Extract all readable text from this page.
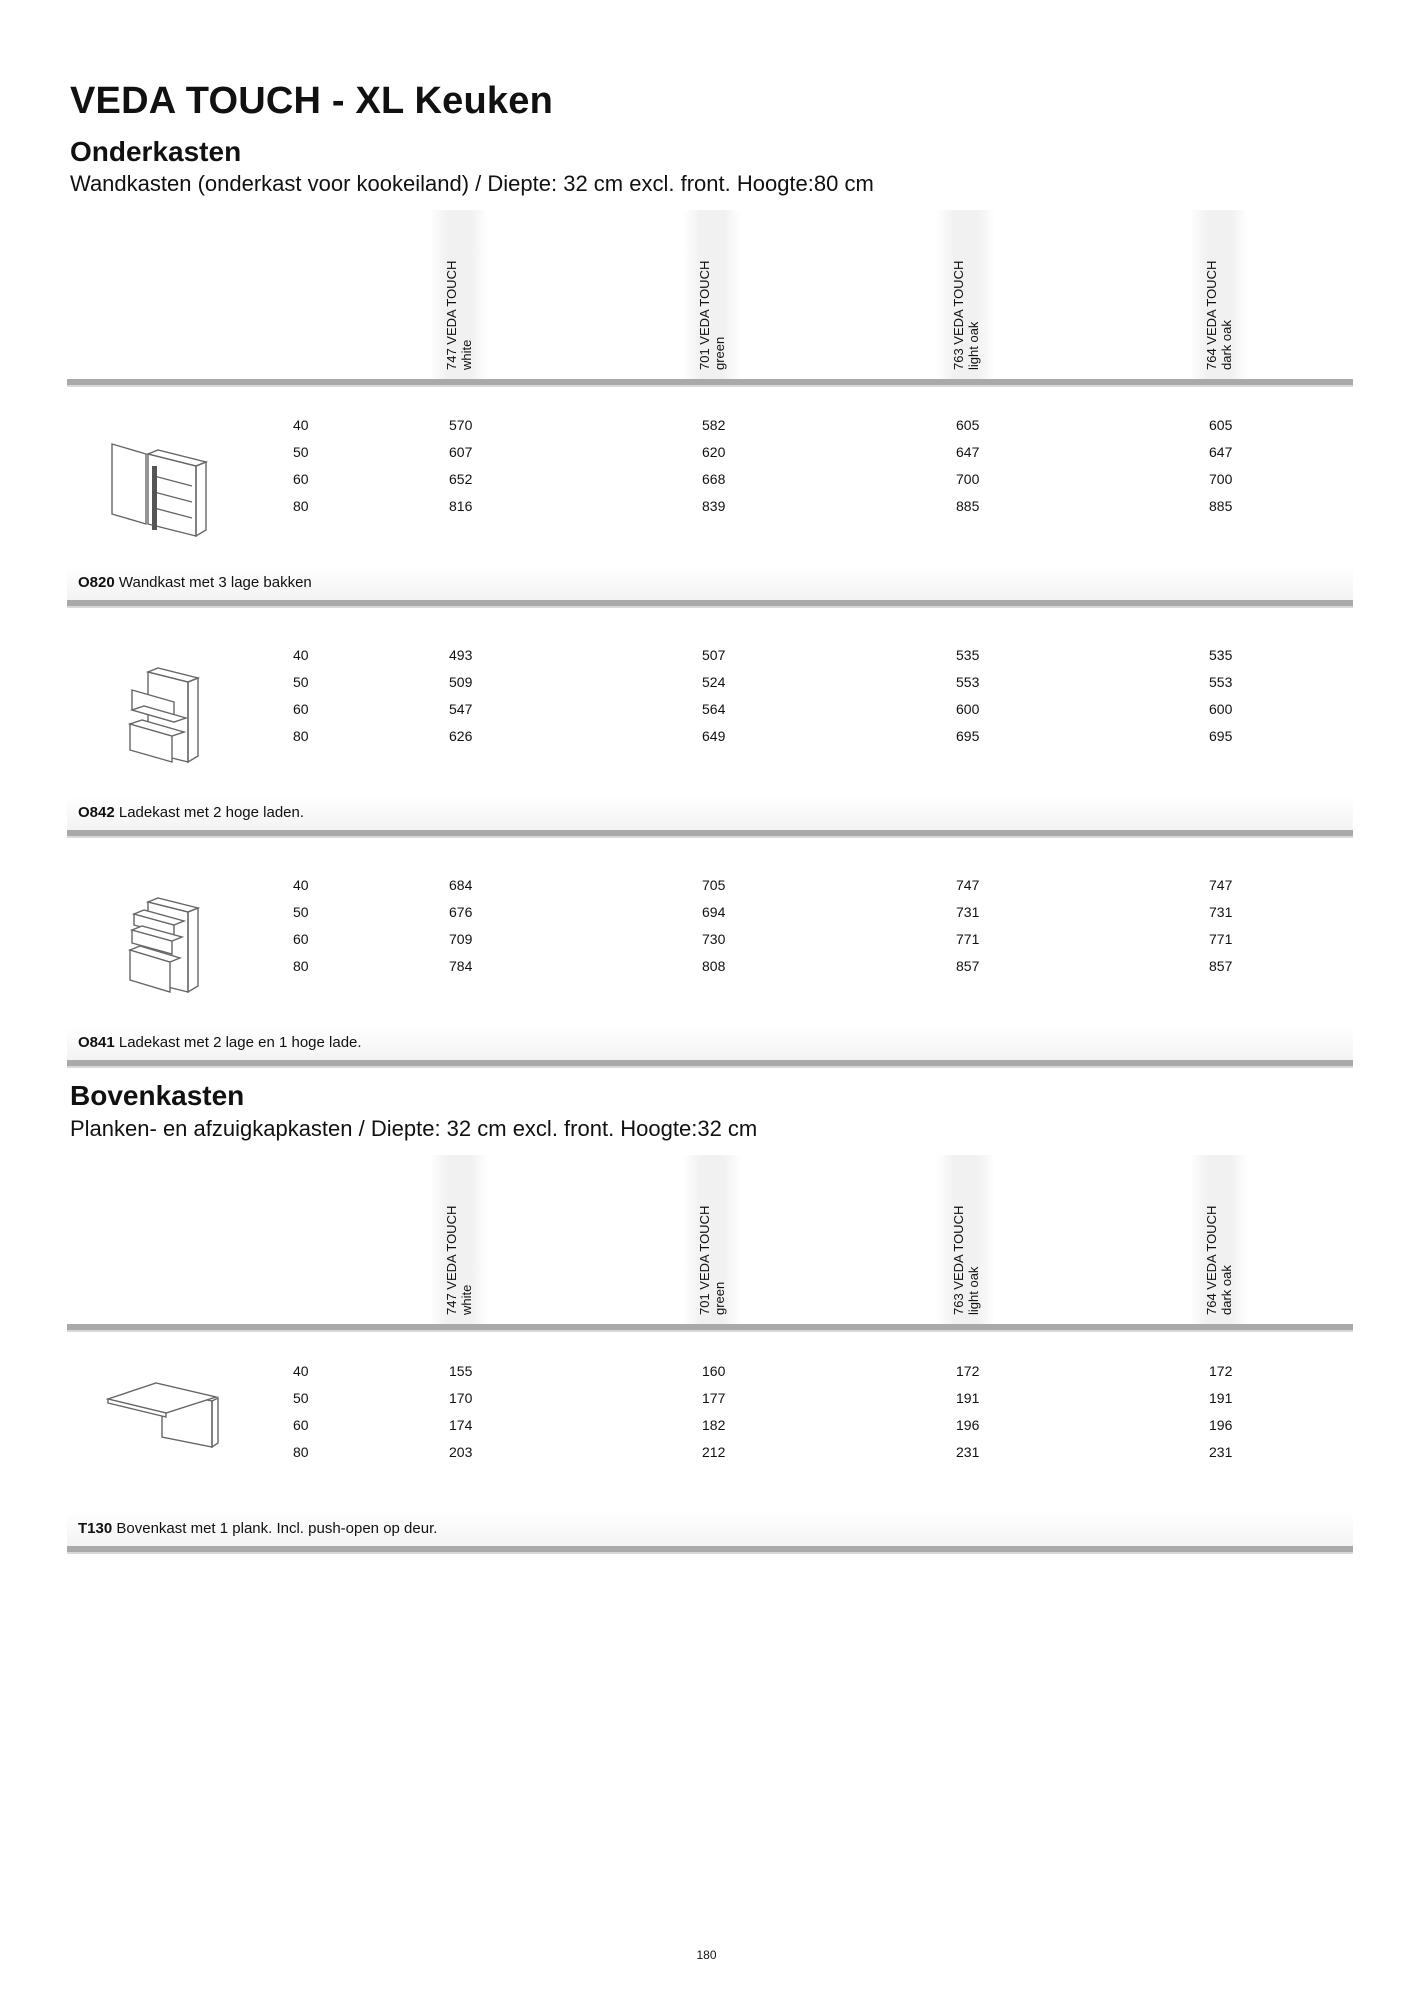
VEDA TOUCH - XL Keuken
Onderkasten
Wandkasten (onderkast voor kookeiland) / Diepte: 32 cm excl. front. Hoogte:80 cm
747 VEDA TOUCH white	701 VEDA TOUCH green	763 VEDA TOUCH light oak	764 VEDA TOUCH dark oak
40	570	582	605	605
50	607	620	647	647
60	652	668	700	700
80	816	839	885	885
O820 Wandkast met 3 lage bakken
40	493	507	535	535
50	509	524	553	553
60	547	564	600	600
80	626	649	695	695
O842 Ladekast met 2 hoge laden.
40	684	705	747	747
50	676	694	731	731
60	709	730	771	771
80	784	808	857	857
O841 Ladekast met 2 lage en 1 hoge lade.
Bovenkasten
Planken- en afzuigkapkasten / Diepte: 32 cm excl. front. Hoogte:32 cm
747 VEDA TOUCH white	701 VEDA TOUCH green	763 VEDA TOUCH light oak	764 VEDA TOUCH dark oak
40	155	160	172	172
50	170	177	191	191
60	174	182	196	196
80	203	212	231	231
T130 Bovenkast met 1 plank. Incl. push-open op deur.
180
